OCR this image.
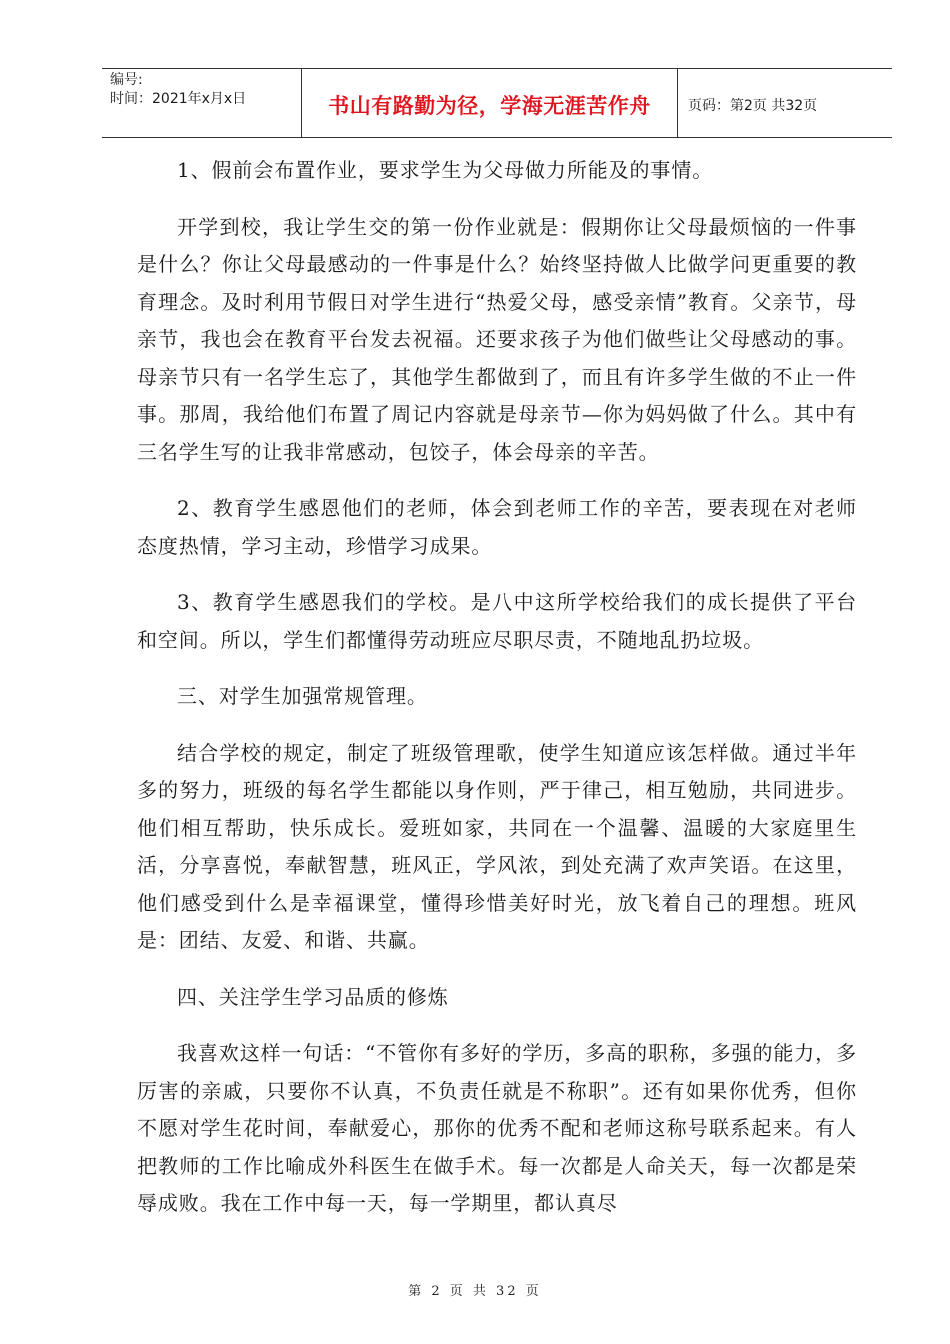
编号:
时间：2021年x月x日	书山有路勤为径，学海无涯苦作舟	页码：第2页 共32页

1、假前会布置作业，要求学生为父母做力所能及的事情。

开学到校，我让学生交的第一份作业就是：假期你让父母最烦恼的一件事是什么？你让父母最感动的一件事是什么？始终坚持做人比做学问更重要的教育理念。及时利用节假日对学生进行“热爱父母，感受亲情”教育。父亲节，母亲节，我也会在教育平台发去祝福。还要求孩子为他们做些让父母感动的事。母亲节只有一名学生忘了，其他学生都做到了，而且有许多学生做的不止一件事。那周，我给他们布置了周记内容就是母亲节—你为妈妈做了什么。其中有三名学生写的让我非常感动，包饺子，体会母亲的辛苦。

2、教育学生感恩他们的老师，体会到老师工作的辛苦，要表现在对老师态度热情，学习主动，珍惜学习成果。

3、教育学生感恩我们的学校。是八中这所学校给我们的成长提供了平台和空间。所以，学生们都懂得劳动班应尽职尽责，不随地乱扔垃圾。

三、对学生加强常规管理。

结合学校的规定，制定了班级管理歌，使学生知道应该怎样做。通过半年多的努力，班级的每名学生都能以身作则，严于律己，相互勉励，共同进步。他们相互帮助，快乐成长。爱班如家，共同在一个温馨、温暖的大家庭里生活，分享喜悦，奉献智慧，班风正，学风浓，到处充满了欢声笑语。在这里，他们感受到什么是幸福课堂，懂得珍惜美好时光，放飞着自己的理想。班风是：团结、友爱、和谐、共赢。

四、关注学生学习品质的修炼

我喜欢这样一句话：“不管你有多好的学历，多高的职称，多强的能力，多厉害的亲戚，只要你不认真，不负责任就是不称职”。还有如果你优秀，但你不愿对学生花时间，奉献爱心，那你的优秀不配和老师这称号联系起来。有人把教师的工作比喻成外科医生在做手术。每一次都是人命关天，每一次都是荣辱成败。我在工作中每一天，每一学期里，都认真尽

第 2 页 共 32 页
